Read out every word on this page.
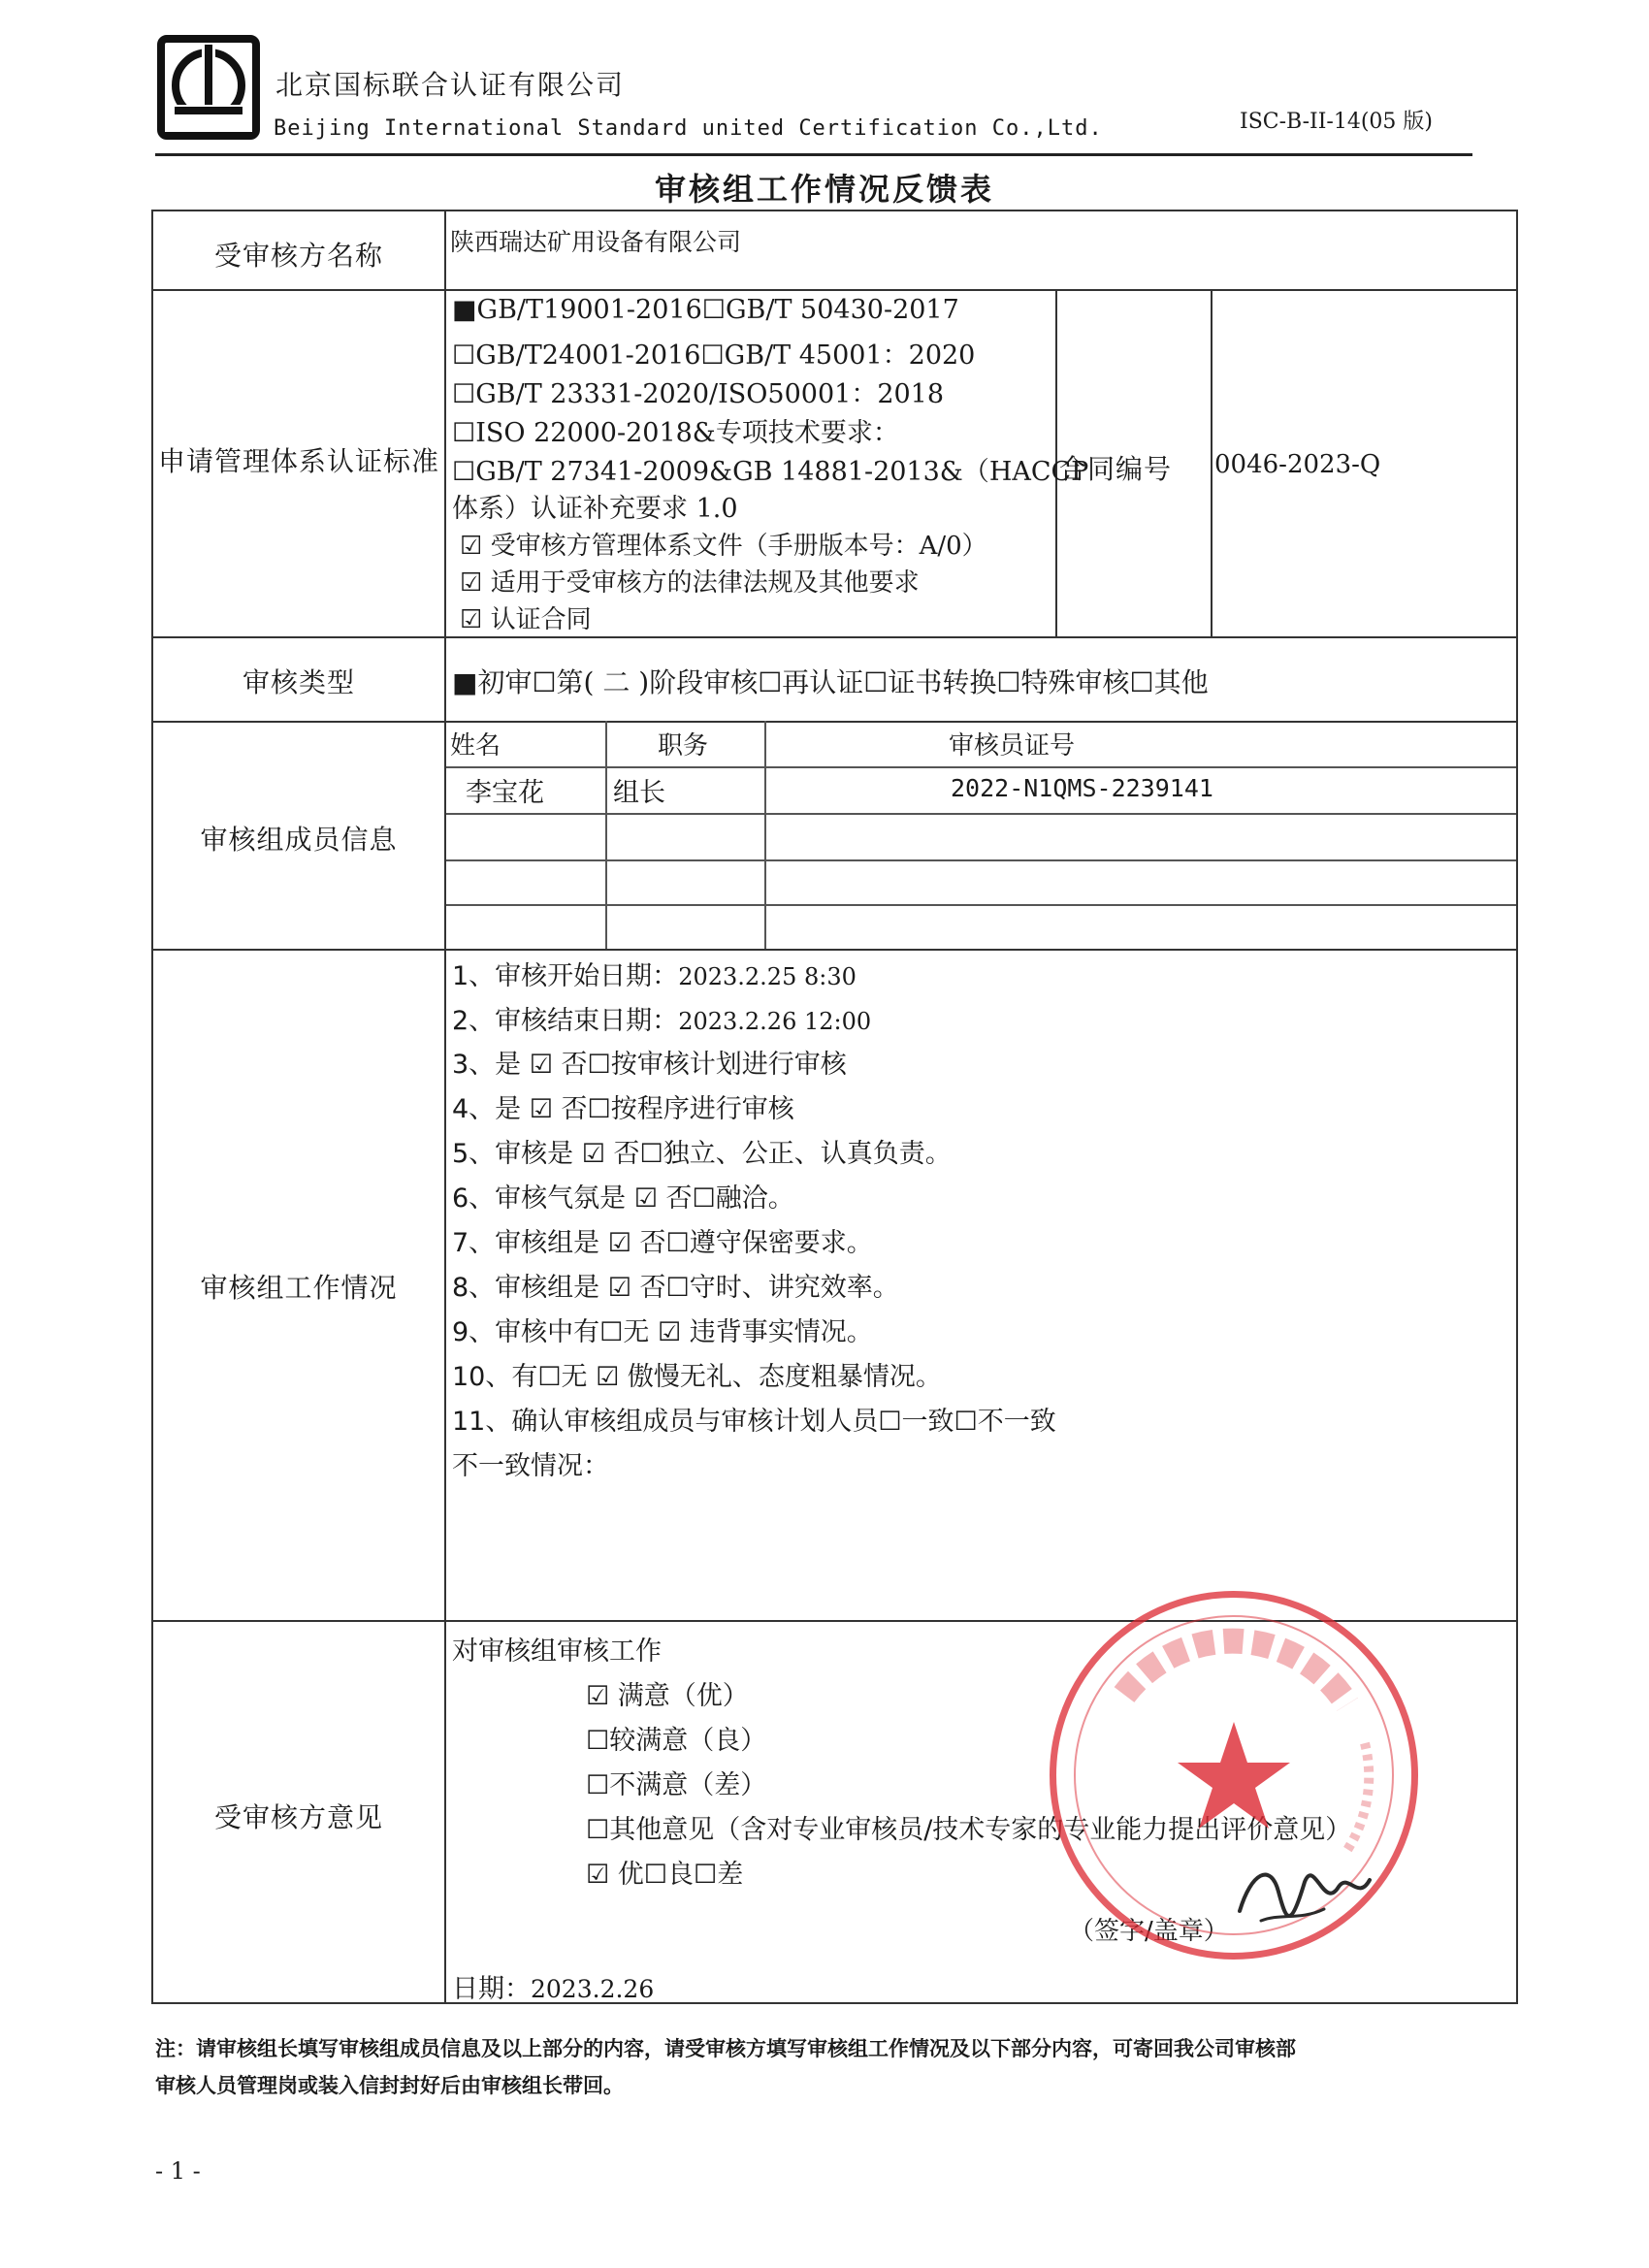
北京国标联合认证有限公司
Beijing International Standard united Certification Co.,Ltd.	ISC-B-II-14(05 版)
审核组工作情况反馈表
受审核方名称	陕西瑞达矿用设备有限公司
申请管理体系认证标准
■GB/T19001-2016☐GB/T 50430-2017
☐GB/T24001-2016☐GB/T 45001：2020
☐GB/T 23331-2020/ISO50001：2018
☐ISO 22000-2018&专项技术要求：
☐GB/T 27341-2009&GB 14881-2013&（HACCP
体系）认证补充要求 1.0
☑ 受审核方管理体系文件（手册版本号：A/0）
☑ 适用于受审核方的法律法规及其他要求
☑ 认证合同
合同编号 0046-2023-Q
审核类型	■初审☐第( 二 )阶段审核☐再认证☐证书转换☐特殊审核☐其他
审核组成员信息
姓名	职务	审核员证号
李宝花	组长	2022-N1QMS-2239141
审核组工作情况
1、审核开始日期：2023.2.25 8:30
2、审核结束日期：2023.2.26 12:00
3、是 ☑ 否☐按审核计划进行审核
4、是 ☑ 否☐按程序进行审核
5、审核是 ☑ 否☐独立、公正、认真负责。
6、审核气氛是 ☑ 否☐融洽。
7、审核组是 ☑ 否☐遵守保密要求。
8、审核组是 ☑ 否☐守时、讲究效率。
9、审核中有☐无 ☑ 违背事实情况。
10、有☐无 ☑ 傲慢无礼、态度粗暴情况。
11、确认审核组成员与审核计划人员☐一致☐不一致
不一致情况：
受审核方意见
对审核组审核工作
☑ 满意（优）
☐较满意（良）
☐不满意（差）
☐其他意见（含对专业审核员/技术专家的专业能力提出评价意见）
☑ 优☐良☐差
（签字/盖章）
日期：2023.2.26
注：请审核组长填写审核组成员信息及以上部分的内容，请受审核方填写审核组工作情况及以下部分内容，可寄回我公司审核部
审核人员管理岗或装入信封封好后由审核组长带回。
- 1 -
